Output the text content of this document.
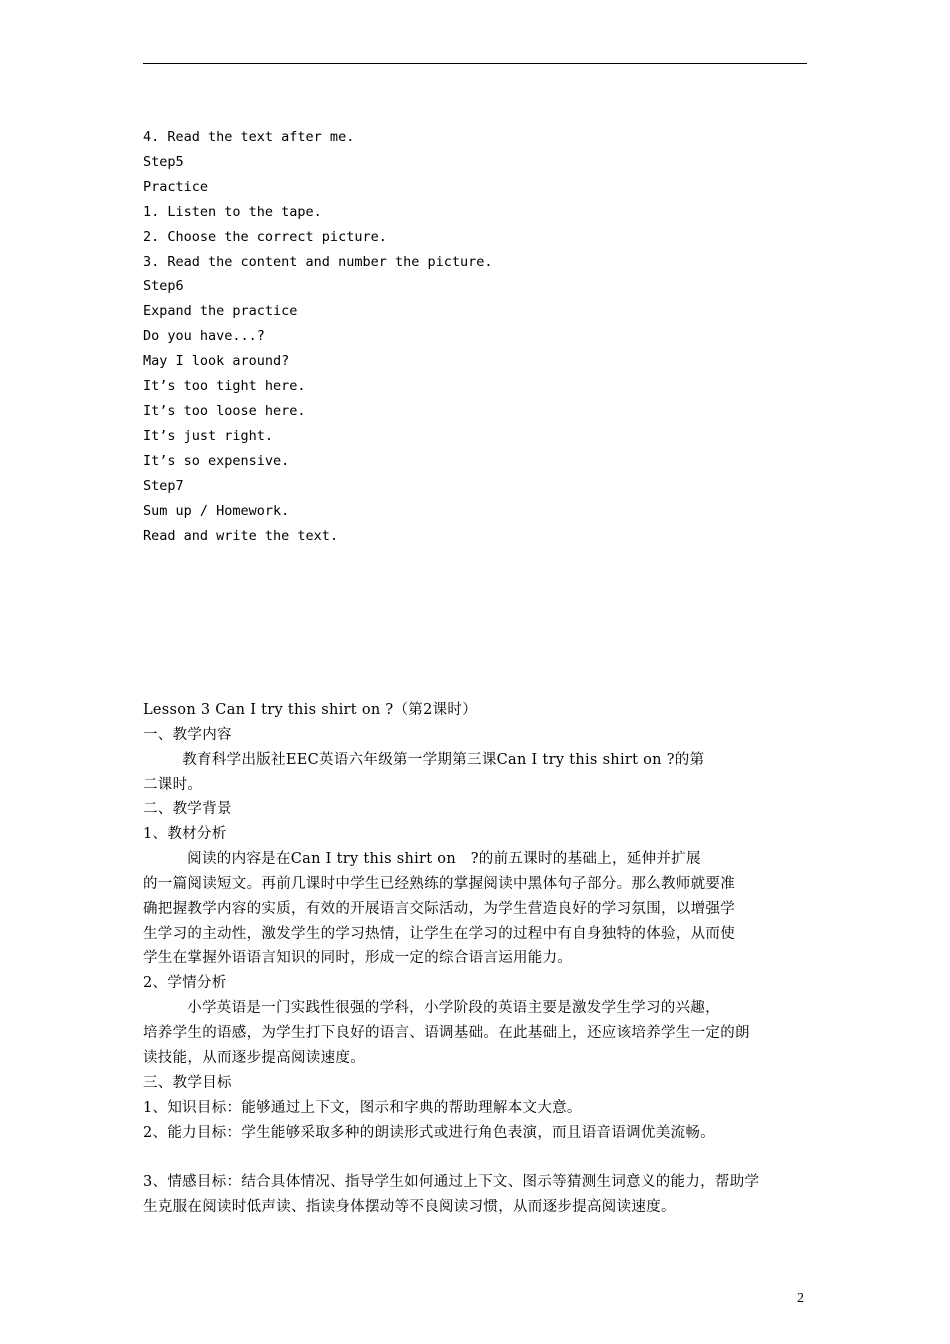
4. Read the text after me.
Step5
Practice
1. Listen to the tape.
2. Choose the correct picture.
3. Read the content and number the picture.
Step6
Expand the practice
Do you have...?
May I look around?
It’s too tight here.
It’s too loose here.
It’s just right.
It’s so expensive.
Step7
Sum up / Homework.
Read and write the text.
Lesson 3 Can I try this shirt on ?（第2课时）
一、教学内容
教育科学出版社EEC英语六年级第一学期第三课Can I try this shirt on ?的第
二课时。
二、教学背景
1、教材分析
阅读的内容是在Can I try this shirt on   ?的前五课时的基础上，延伸并扩展
的一篇阅读短文。再前几课时中学生已经熟练的掌握阅读中黑体句子部分。那么教师就要准
确把握教学内容的实质，有效的开展语言交际活动，为学生营造良好的学习氛围，以增强学
生学习的主动性，激发学生的学习热情，让学生在学习的过程中有自身独特的体验，从而使
学生在掌握外语语言知识的同时，形成一定的综合语言运用能力。
2、学情分析
小学英语是一门实践性很强的学科，小学阶段的英语主要是激发学生学习的兴趣，
培养学生的语感，为学生打下良好的语言、语调基础。在此基础上，还应该培养学生一定的朗
读技能，从而逐步提高阅读速度。
三、教学目标
1、知识目标：能够通过上下文，图示和字典的帮助理解本文大意。
2、能力目标：学生能够采取多种的朗读形式或进行角色表演，而且语音语调优美流畅。
3、情感目标：结合具体情况、指导学生如何通过上下文、图示等猜测生词意义的能力，帮助学
生克服在阅读时低声读、指读身体摆动等不良阅读习惯，从而逐步提高阅读速度。
2
